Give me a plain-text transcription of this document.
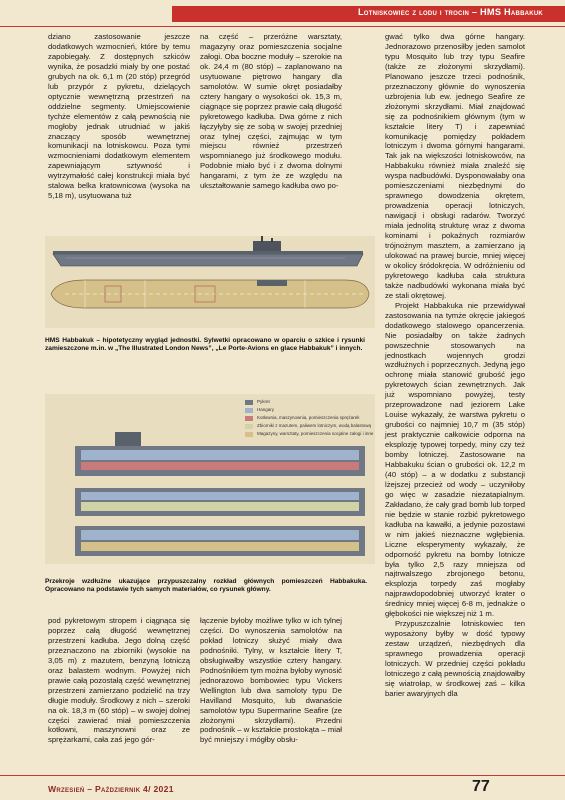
Lotniskowiec z lodu i trocin – HMS Habbakuk

dziano zastosowanie jeszcze dodatkowych wzmocnień, które by temu zapobiegały. Z dostępnych szkiców wynika, że posadzki miały by one postać grubych na ok. 6,1 m (20 stóp) przegród lub przypór z pykretu, dzielących optycznie wewnętrzną przestrzeń na oddzielne segmenty. Umiejscowienie tychże elementów z całą pewnością nie mogłoby jednak utrudniać w jakiś znaczący sposób wewnętrznej komunikacji na lotniskowcu. Poza tymi wzmocnieniami dodatkowym elementem zapewniającym sztywność i wytrzymałość całej konstrukcji miała być stalowa belka kratownicowa (wysoka na 5,18 m), usytuowana tuż

na część – przeróżne warsztaty, magazyny oraz pomieszczenia socjalne załogi. Oba boczne moduły – szerokie na ok. 24,4 m (80 stóp) – zaplanowano na usytuowane piętrowo hangary dla samolotów. W sumie okręt posiadałby cztery hangary o wysokości ok. 15,3 m, ciągnące się poprzez prawie całą długość pykretowego kadłuba. Dwa górne z nich łączyłyby się ze sobą w swojej przedniej oraz tylnej części, zajmując w tym miejscu również przestrzeń wspomnianego już środkowego modułu. Podobnie miało być i z dwoma dolnymi hangarami, z tym że ze względu na ukształtowanie samego kadłuba owo po-

gwać tylko dwa górne hangary. Jednorazowo przenosiłby jeden samolot typu Mosquito lub trzy typu Seafire (także ze złożonymi skrzydłami). Planowano jeszcze trzeci podnośnik, przeznaczony głównie do wynoszenia uzbrojenia lub ew. jednego Seafire ze złożonymi skrzydłami. Miał znajdować się za podnośnikiem głównym (tym w kształcie litery T) i zapewniać komunikację pomiędzy pokładem lotniczym i dwoma górnymi hangarami. Tak jak na większości lotniskowców, na Habbakuku również miała znaleźć się wyspa nadbudówki. Dysponowałaby ona pomieszczeniami niezbędnymi do sprawnego dowodzenia okrętem, prowadzenia operacji lotniczych, nawigacji i obsługi radarów. Tworzyć miała jednolitą strukturę wraz z dwoma kominami i pokaźnych rozmiarów trójnożnym masztem, a zamierzano ją ulokować na prawej burcie, mniej więcej w okolicy śródokręcia. W odróżnieniu od pykretowego kadłuba cała struktura także nadbudówki wykonana miała być ze stali okrętowej.

Projekt Habbakuka nie przewidywał zastosowania na tymże okręcie jakiegoś dodatkowego stalowego opancerzenia. Nie posiadałby on także żadnych powszechnie stosowanych na jednostkach wojennych grodzi wzdłużnych i poprzecznych. Jedyną jego ochronę miała stanowić grubość jego pykretowych ścian zewnętrznych. Jak już wspomniano powyżej, testy przeprowadzone nad jeziorem Lake Louise wykazały, że warstwa pykretu o grubości co najmniej 10,7 m (35 stóp) jest praktycznie całkowicie odporna na eksplozję typowej torpedy, miny czy też bomby lotniczej. Zastosowane na Habbakuku ścian o grubości ok. 12,2 m (40 stóp) – a w dodatku z substancji lżejszej przecież od wody – uczyniłoby go więc w zasadzie niezatapialnym. Zakładano, że cały grad bomb lub torped nie będzie w stanie rozbić pykretowego kadłuba na kawałki, a jedynie pozostawi w nim jakieś nieznaczne wgłębienia. Liczne eksperymenty wykazały, że odporność pykretu na bomby lotnicze była tylko 2,5 razy mniejsza od najtrwalszego zbrojonego betonu, eksplozja torpedy zaś mogłaby najprawdopodobniej utworzyć krater o średnicy mniej więcej 6-8 m, jednakże o głębokości nie większej niż 1 m.

Przypuszczalnie lotniskowiec ten wyposażony byłby w dość typowy zestaw urządzeń, niezbędnych dla sprawnego prowadzenia operacji lotniczych. W przedniej części pokładu lotniczego z całą pewnością znajdowałby się wiatrołap, w środkowej zaś – kilka barier awaryjnych dla

HMS Habbakuk – hipotetyczny wygląd jednostki. Sylwetki opracowano w oparciu o szkice i rysunki zamieszczone m.in. w „The Illustrated London News”, „Le Porte-Avions en glace Habbakuk” i innych.
Pykret
Hangary
Kotłownia, maszynownia, pomieszczenia sprężarek
Zbiorniki z mazutem, paliwem lotniczym, wodą balastową
Magazyny, warsztaty, pomieszczenia socjalne załogi i inne
Przekroje wzdłużne ukazujące przypuszczalny rozkład głównych pomieszczeń Habbakuka. Opracowano na podstawie tych samych materiałów, co rysunek główny.

pod pykretowym stropem i ciągnąca się poprzez całą długość wewnętrznej przestrzeni kadłuba. Jego dolną część przeznaczono na zbiorniki (wysokie na 3,05 m) z mazutem, benzyną lotniczą oraz balastem wodnym. Powyżej nich prawie całą pozostałą część wewnętrznej przestrzeni zamierzano podzielić na trzy długie moduły. Środkowy z nich – szeroki na ok. 18,3 m (60 stóp) – w swojej dolnej części zawierać miał pomieszczenia kotłowni, maszynowni oraz ze sprężarkami, cała zaś jego gór-

łączenie byłoby możliwe tylko w ich tylnej części. Do wynoszenia samolotów na pokład lotniczy służyć miały dwa podnośniki. Tylny, w kształcie litery T, obsługiwałby wszystkie cztery hangary. Podnośnikiem tym można byłoby wynosić jednorazowo bombowiec typu Vickers Wellington lub dwa samoloty typu De Havilland Mosquito, lub dwanaście samolotów typu Supermarine Seafire (ze złożonymi skrzydłami). Przedni podnośnik – w kształcie prostokąta – miał być mniejszy i mógłby obsłu-

Wrzesień – Październik 4/ 2021	77
